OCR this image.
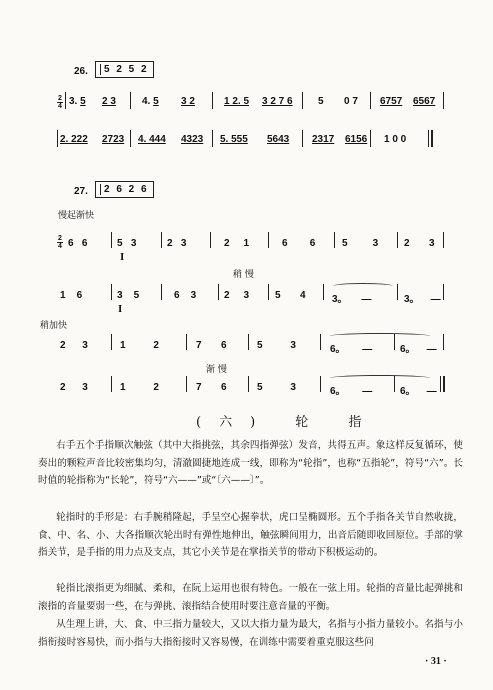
26.	5 2 5 2
2
4 3. 5 2 3	4. 5 3 2	1 2. 5 3 2 7 6	5 0 7 6757 6567
2. 222 2723 4. 444 4323 5. 555 5643 2317 6156 1 0 0
27.	2 6 2 6
慢起渐快
2
4 6   6	5   3	2   3	2     1	6        6	5         3	2       3
I
稍 慢
1    6	3    5	6    3	2     3	5       4	3。     —	3。    —
I
稍加快
2      3	1          2	7       6	5          3	6。      —	6。    —
渐 慢
2      3	1          2	7       6	5          3	6。      —	6。    —
(六) 轮 指
右手五个手指顺次触弦（其中大指挑弦，其余四指弹弦）发音，共得五声。象这样反复循环，使奏出的颗粒声音比较密集均匀，清澈圆捷地连成一线，即称为“轮指”，也称“五指轮”，符号“六”。长时值的轮指称为“长轮”，符号“六——”或“〔六——〕”。
轮指时的手形是：右手腕稍隆起，手呈空心握拳状，虎口呈椭圆形。五个手指各关节自然收拢，食、中、名、小、大各指顺次轮出时有弹性地伸出，触弦瞬间用力，出音后随即收回原位。手部的掌指关节，是手指的用力点及支点，其它小关节是在掌指关节的带动下积极运动的。
轮指比滚指更为细腻、柔和，在阮上运用也很有特色。一般在一弦上用。轮指的音量比起弹挑和滚指的音量要弱一些，在与弹挑、滚指结合使用时要注意音量的平衡。
从生理上讲，大、食、中三指力量较大，又以大指力量为最大，名指与小指力量较小。名指与小指衔接时容易快，而小指与大指衔接时又容易慢，在训练中需要着重克服这些问
· 31 ·
